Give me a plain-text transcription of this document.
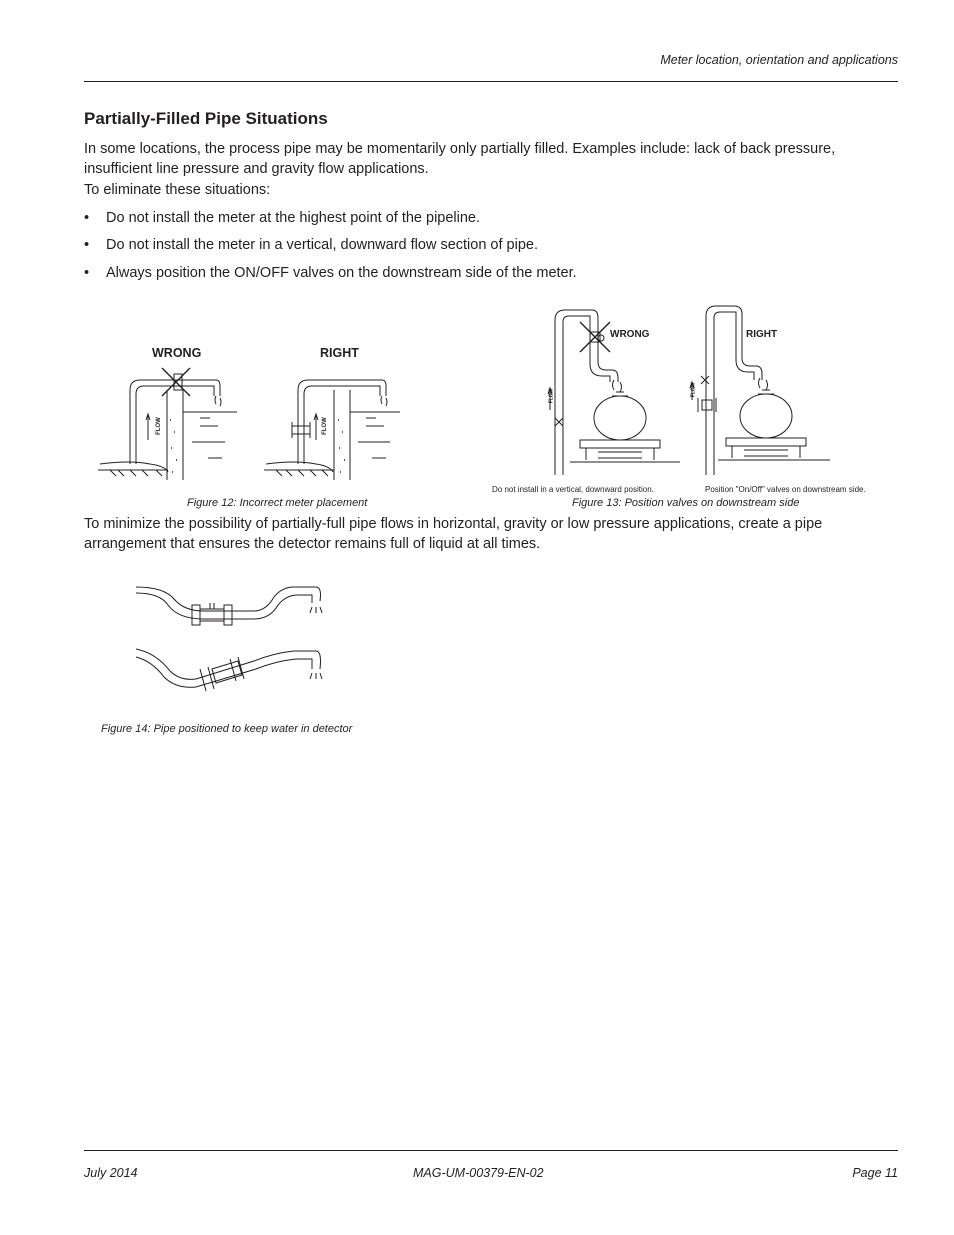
Meter location, orientation and applications
Partially-Filled Pipe Situations

In some locations, the process pipe may be momentarily only partially filled. Examples include: lack of back pressure, insufficient line pressure and gravity flow applications.

To eliminate these situations:

• Do not install the meter at the highest point of the pipeline.
• Do not install the meter in a vertical, downward flow section of pipe.
• Always position the ON/OFF valves on the downstream side of the meter.
WRONG	RIGHT
FLOW	FLOW
Figure 12: Incorrect meter placement
WRONG	RIGHT
FLOW	FLOW
Do not install in a vertical, downward position.	Position "On/Off" valves on downstream side.
Figure 13: Position valves on downstream side

To minimize the possibility of partially-full pipe flows in horizontal, gravity or low pressure applications, create a pipe arrangement that ensures the detector remains full of liquid at all times.

Figure 14: Pipe positioned to keep water in detector
July 2014	MAG-UM-00379-EN-02	Page 11
